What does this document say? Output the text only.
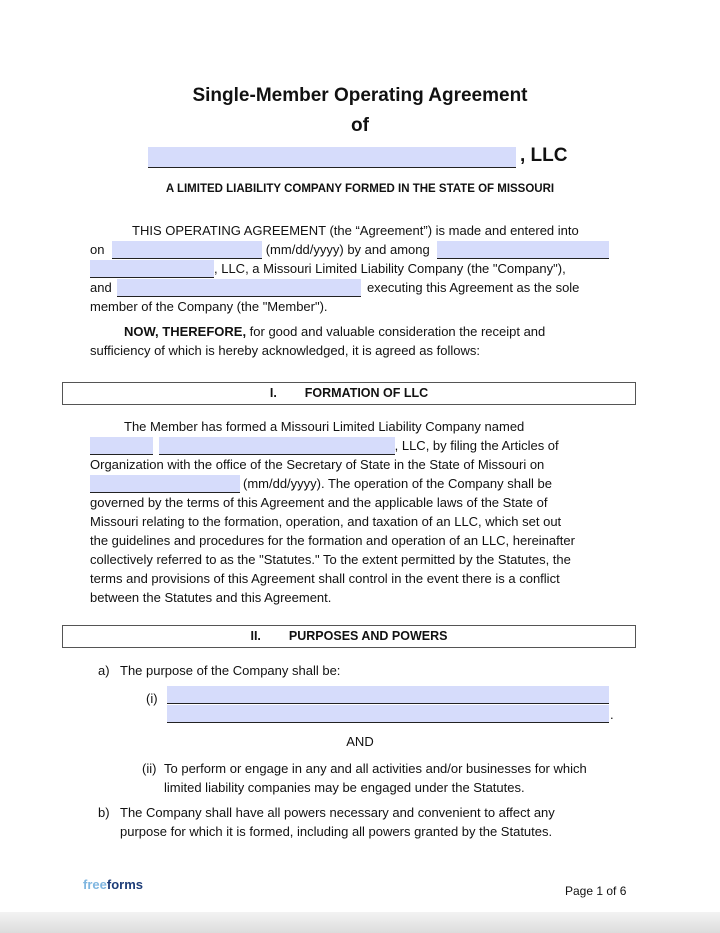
Single-Member Operating Agreement
of
, LLC
A LIMITED LIABILITY COMPANY FORMED IN THE STATE OF MISSOURI
THIS OPERATING AGREEMENT (the “Agreement”) is made and entered into
on	(mm/dd/yyyy) by and among
, LLC, a Missouri Limited Liability Company (the "Company"),
and	executing this Agreement as the sole
member of the Company (the "Member").
NOW, THEREFORE, for good and valuable consideration the receipt and
sufficiency of which is hereby acknowledged, it is agreed as follows:
I. FORMATION OF LLC
The Member has formed a Missouri Limited Liability Company named
, LLC, by filing the Articles of
Organization with the office of the Secretary of State in the State of Missouri on
(mm/dd/yyyy). The operation of the Company shall be
governed by the terms of this Agreement and the applicable laws of the State of
Missouri relating to the formation, operation, and taxation of an LLC, which set out
the guidelines and procedures for the formation and operation of an LLC, hereinafter
collectively referred to as the "Statutes." To the extent permitted by the Statutes, the
terms and provisions of this Agreement shall control in the event there is a conflict
between the Statutes and this Agreement.
II. PURPOSES AND POWERS
a) The purpose of the Company shall be:
(i)
.
AND
(ii) To perform or engage in any and all activities and/or businesses for which
limited liability companies may be engaged under the Statutes.
b) The Company shall have all powers necessary and convenient to affect any
purpose for which it is formed, including all powers granted by the Statutes.
freeforms	Page 1 of 6
